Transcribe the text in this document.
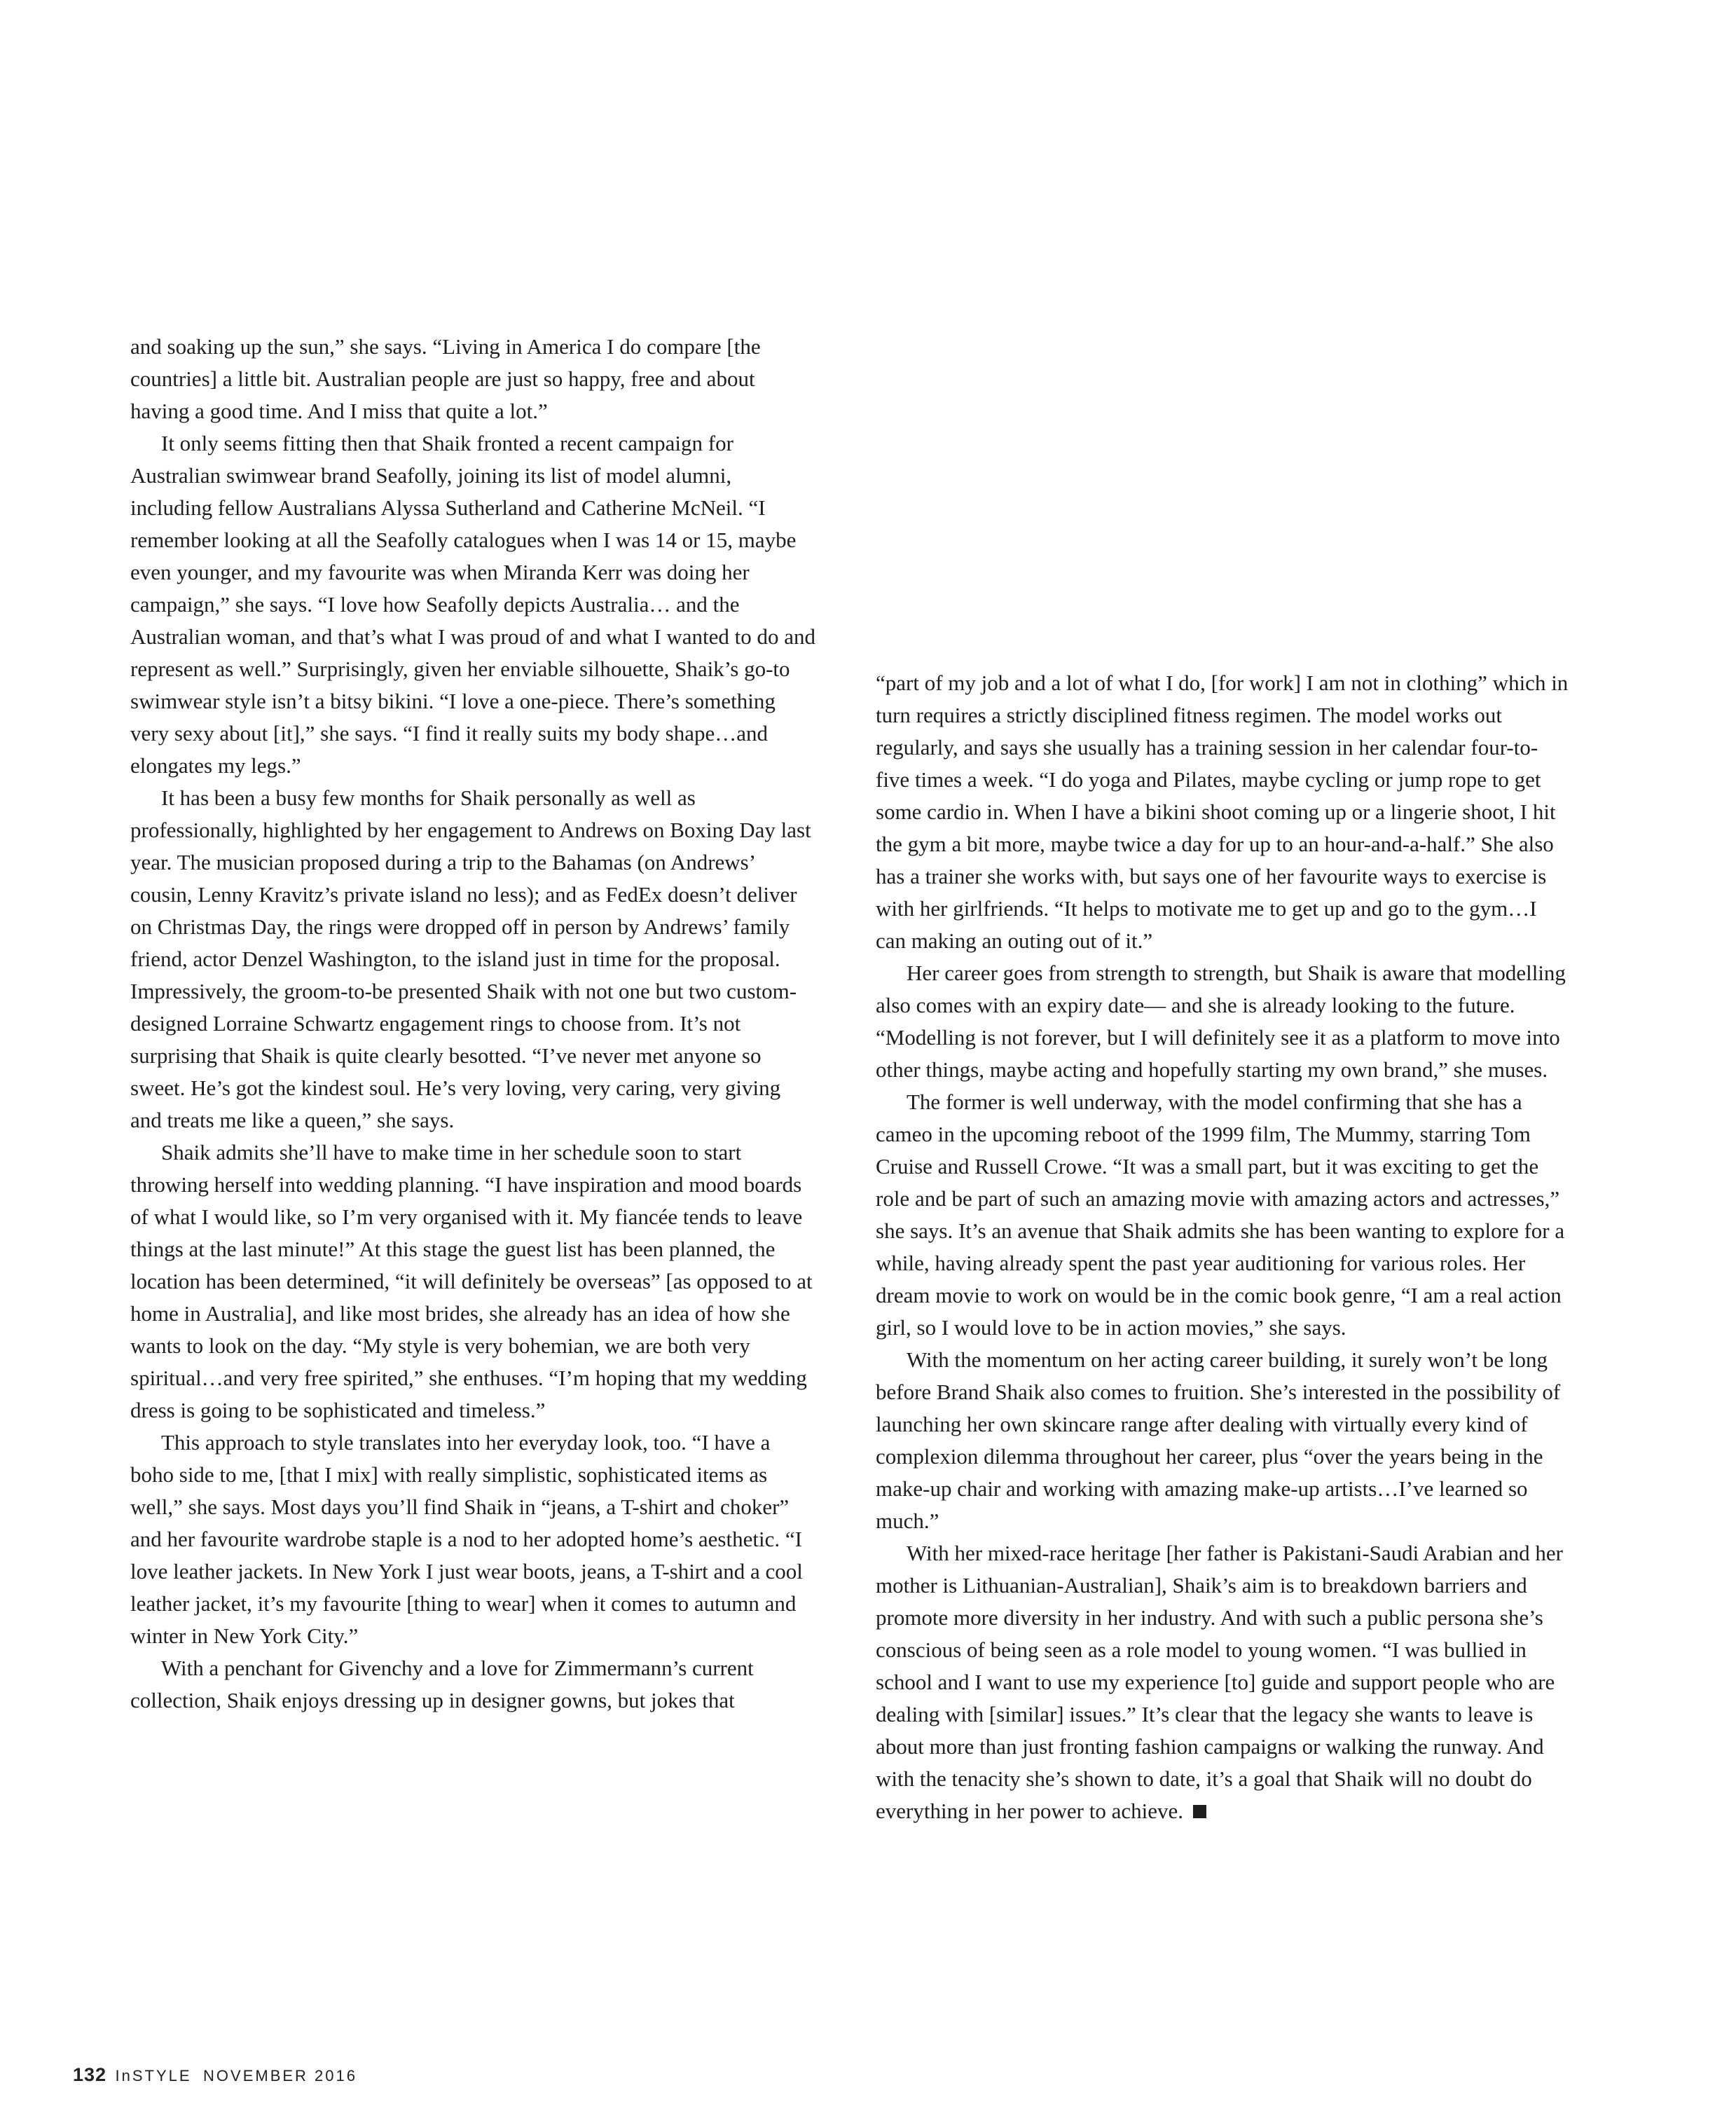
and soaking up the sun,” she says. “Living in America I do compare [the countries] a little bit. Australian people are just so happy, free and about having a good time. And I miss that quite a lot.”

It only seems fitting then that Shaik fronted a recent campaign for Australian swimwear brand Seafolly, joining its list of model alumni, including fellow Australians Alyssa Sutherland and Catherine McNeil. “I remember looking at all the Seafolly catalogues when I was 14 or 15, maybe even younger, and my favourite was when Miranda Kerr was doing her campaign,” she says. “I love how Seafolly depicts Australia… and the Australian woman, and that’s what I was proud of and what I wanted to do and represent as well.” Surprisingly, given her enviable silhouette, Shaik’s go-to swimwear style isn’t a bitsy bikini. “I love a one-piece. There’s something very sexy about [it],” she says. “I find it really suits my body shape…and elongates my legs.”

It has been a busy few months for Shaik personally as well as professionally, highlighted by her engagement to Andrews on Boxing Day last year. The musician proposed during a trip to the Bahamas (on Andrews’ cousin, Lenny Kravitz’s private island no less); and as FedEx doesn’t deliver on Christmas Day, the rings were dropped off in person by Andrews’ family friend, actor Denzel Washington, to the island just in time for the proposal. Impressively, the groom-to-be presented Shaik with not one but two custom-designed Lorraine Schwartz engagement rings to choose from. It’s not surprising that Shaik is quite clearly besotted. “I’ve never met anyone so sweet. He’s got the kindest soul. He’s very loving, very caring, very giving and treats me like a queen,” she says.

Shaik admits she’ll have to make time in her schedule soon to start throwing herself into wedding planning. “I have inspiration and mood boards of what I would like, so I’m very organised with it. My fiancée tends to leave things at the last minute!” At this stage the guest list has been planned, the location has been determined, “it will definitely be overseas” [as opposed to at home in Australia], and like most brides, she already has an idea of how she wants to look on the day. “My style is very bohemian, we are both very spiritual…and very free spirited,” she enthuses. “I’m hoping that my wedding dress is going to be sophisticated and timeless.”

This approach to style translates into her everyday look, too. “I have a boho side to me, [that I mix] with really simplistic, sophisticated items as well,” she says. Most days you’ll find Shaik in “jeans, a T-shirt and choker” and her favourite wardrobe staple is a nod to her adopted home’s aesthetic. “I love leather jackets. In New York I just wear boots, jeans, a T-shirt and a cool leather jacket, it’s my favourite [thing to wear] when it comes to autumn and winter in New York City.”

With a penchant for Givenchy and a love for Zimmermann’s current collection, Shaik enjoys dressing up in designer gowns, but jokes that

“part of my job and a lot of what I do, [for work] I am not in clothing” which in turn requires a strictly disciplined fitness regimen. The model works out regularly, and says she usually has a training session in her calendar four-to-five times a week. “I do yoga and Pilates, maybe cycling or jump rope to get some cardio in. When I have a bikini shoot coming up or a lingerie shoot, I hit the gym a bit more, maybe twice a day for up to an hour-and-a-half.” She also has a trainer she works with, but says one of her favourite ways to exercise is with her girlfriends. “It helps to motivate me to get up and go to the gym…I can making an outing out of it.”

Her career goes from strength to strength, but Shaik is aware that modelling also comes with an expiry date— and she is already looking to the future. “Modelling is not forever, but I will definitely see it as a platform to move into other things, maybe acting and hopefully starting my own brand,” she muses.

The former is well underway, with the model confirming that she has a cameo in the upcoming reboot of the 1999 film, The Mummy, starring Tom Cruise and Russell Crowe. “It was a small part, but it was exciting to get the role and be part of such an amazing movie with amazing actors and actresses,” she says. It’s an avenue that Shaik admits she has been wanting to explore for a while, having already spent the past year auditioning for various roles. Her dream movie to work on would be in the comic book genre, “I am a real action girl, so I would love to be in action movies,” she says.

With the momentum on her acting career building, it surely won’t be long before Brand Shaik also comes to fruition. She’s interested in the possibility of launching her own skincare range after dealing with virtually every kind of complexion dilemma throughout her career, plus “over the years being in the make-up chair and working with amazing make-up artists…I’ve learned so much.”

With her mixed-race heritage [her father is Pakistani-Saudi Arabian and her mother is Lithuanian-Australian], Shaik’s aim is to breakdown barriers and promote more diversity in her industry. And with such a public persona she’s conscious of being seen as a role model to young women. “I was bullied in school and I want to use my experience [to] guide and support people who are dealing with [similar] issues.” It’s clear that the legacy she wants to leave is about more than just fronting fashion campaigns or walking the runway. And with the tenacity she’s shown to date, it’s a goal that Shaik will no doubt do everything in her power to achieve.

132 InSTYLE NOVEMBER 2016
